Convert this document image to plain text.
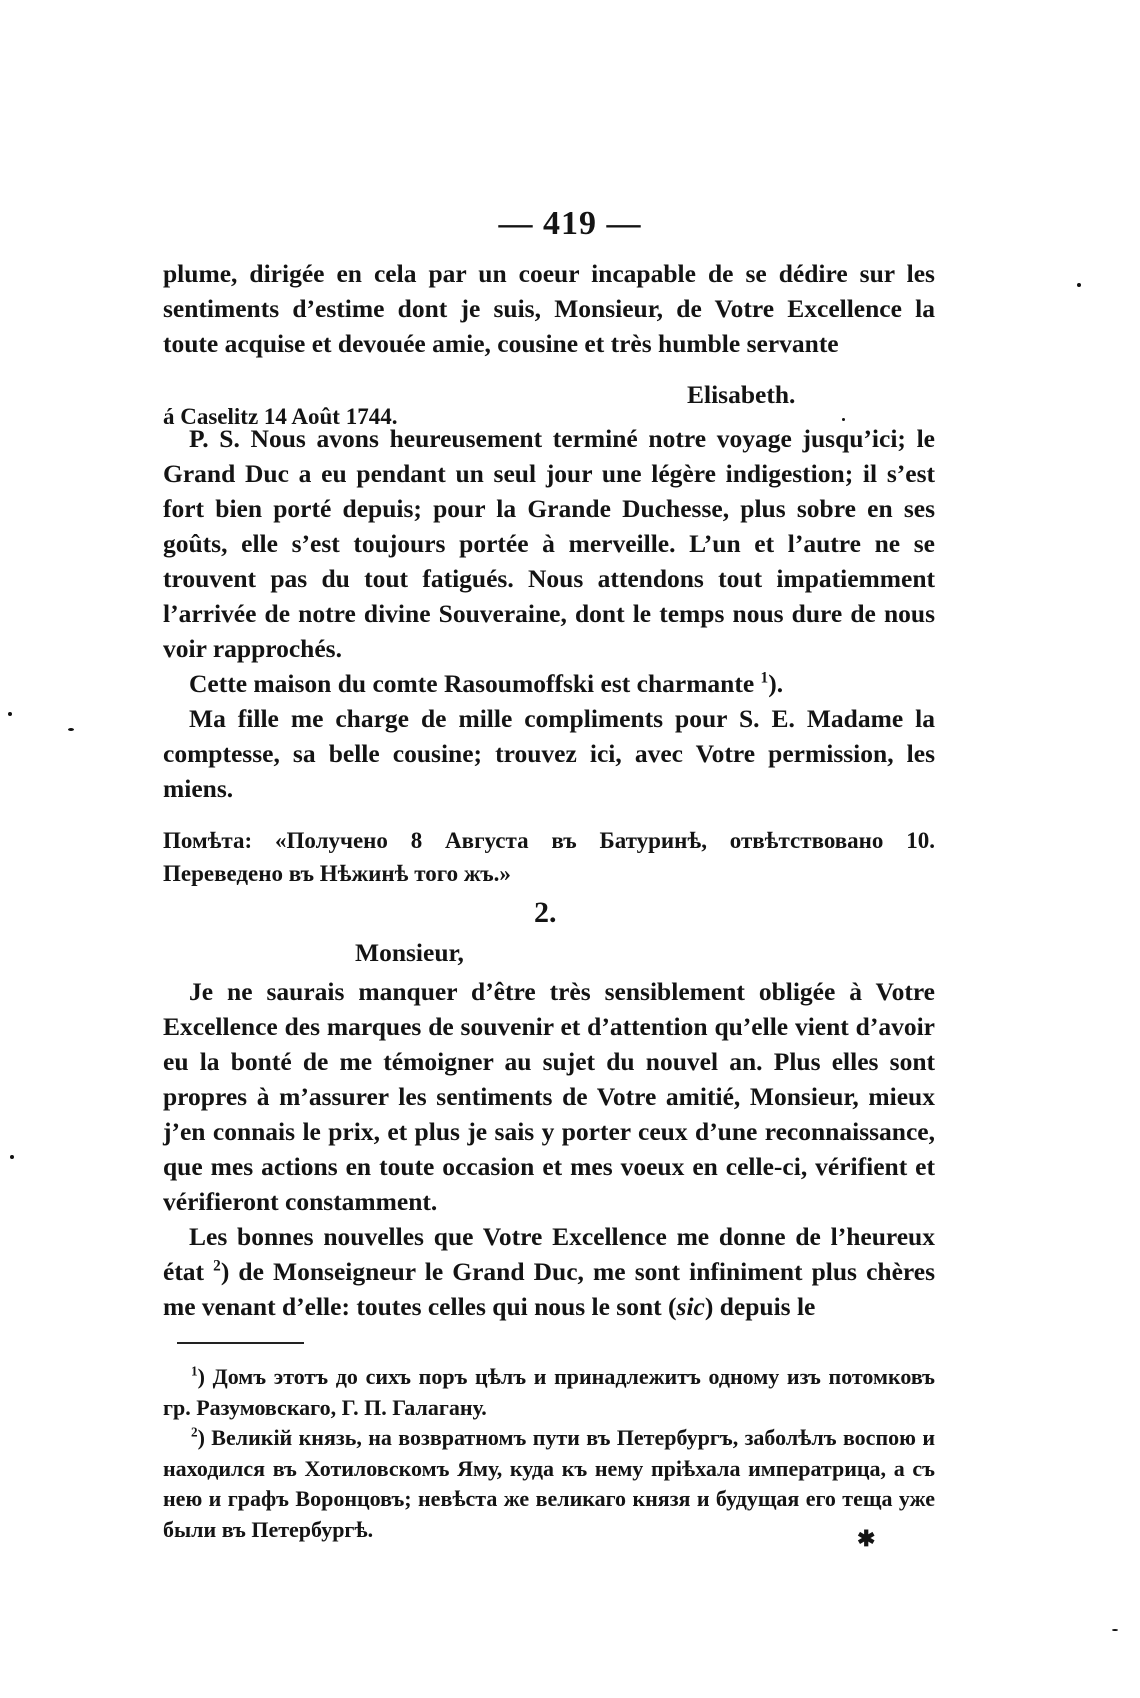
— 419 —

plume, dirigée en cela par un coeur incapable de se dédire sur les sentiments d’estime dont je suis, Monsieur, de Votre Excellence la toute acquise et devouée amie, cousine et très humble servante

Elisabeth.
á Caselitz 14 Août 1744.

P. S. Nous avons heureusement terminé notre voyage jusqu’ici; le Grand Duc a eu pendant un seul jour une légère indigestion; il s’est fort bien porté depuis; pour la Grande Duchesse, plus sobre en ses goûts, elle s’est toujours portée à merveille. L’un et l’autre ne se trouvent pas du tout fatigués. Nous attendons tout impatiemment l’arrivée de notre divine Souveraine, dont le temps nous dure de nous voir rapprochés.

Cette maison du comte Rasoumoffski est charmante $^1$).

Ma fille me charge de mille compliments pour S. E. Madame la comptesse, sa belle cousine; trouvez ici, avec Votre permission, les miens.

Помѣта: «Получено 8 Августа въ Батуринѣ, отвѣтствовано 10. Переведено въ Нѣжинѣ того жъ.»
2.
Monsieur,

Je ne saurais manquer d’être très sensiblement obligée à Votre Excellence des marques de souvenir et d’attention qu’elle vient d’avoir eu la bonté de me témoigner au sujet du nouvel an. Plus elles sont propres à m’assurer les sentiments de Votre amitié, Monsieur, mieux j’en connais le prix, et plus je sais y porter ceux d’une reconnaissance, que mes actions en toute occasion et mes voeux en celle-ci, vérifient et vérifieront constamment.

Les bonnes nouvelles que Votre Excellence me donne de l’heureux état $^2$) de Monseigneur le Grand Duc, me sont infiniment plus chères me venant d’elle: toutes celles qui nous le sont (sic) depuis le

$^1$) Домъ этотъ до сихъ поръ цѣлъ и принадлежитъ одному изъ потомковъ гр. Разумовскаго, Г. П. Галагану.

$^2$) Великій князь, на возвратномъ пути въ Петербургъ, заболѣлъ воспою и находился въ Хотиловскомъ Яму, куда къ нему пріѣхала императрица, а съ нею и графъ Воронцовъ; невѣста же великаго князя и будущая его теща уже были въ Петербургѣ.	✱
